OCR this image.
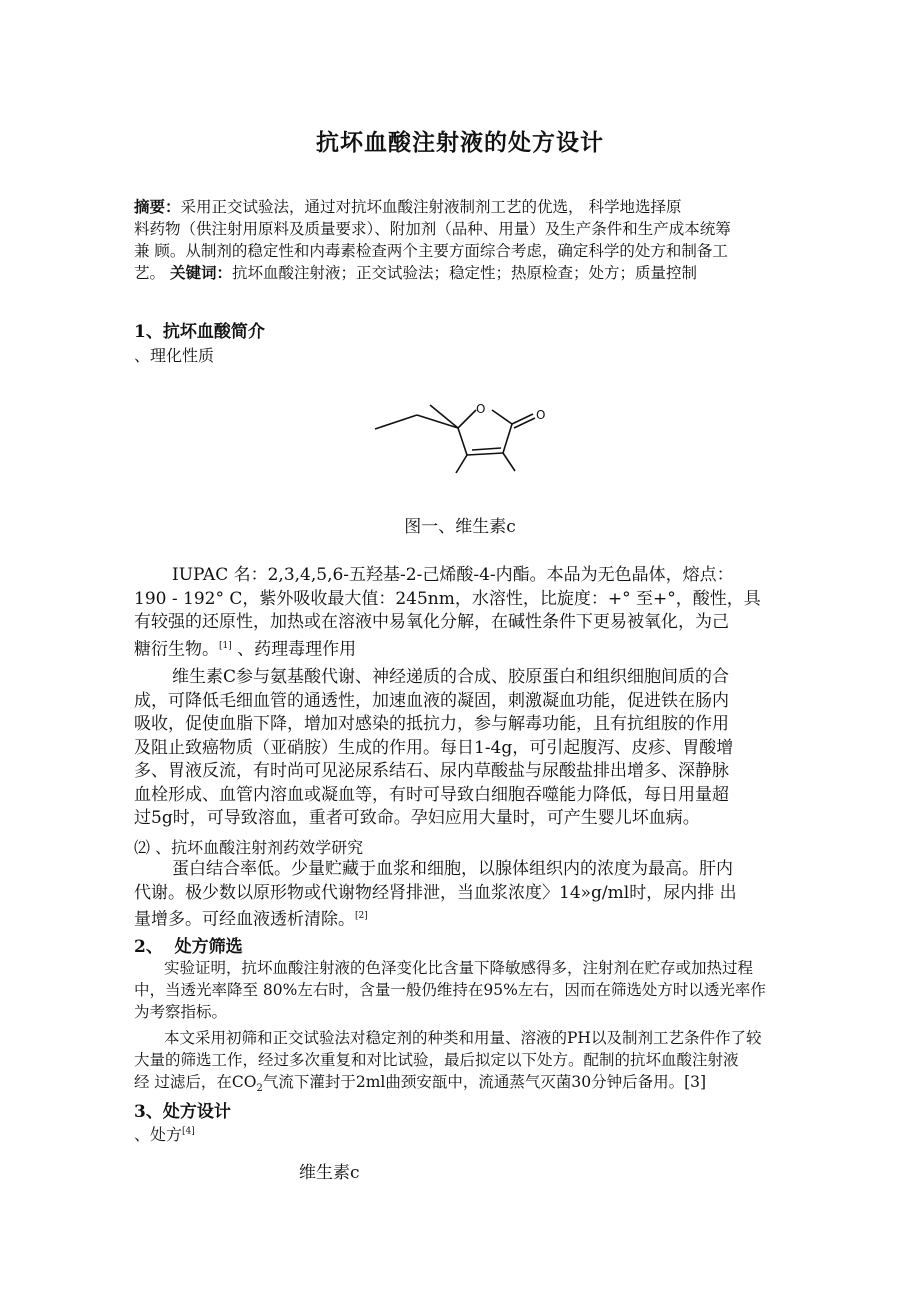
抗坏血酸注射液的处方设计
摘要：采用正交试验法，通过对抗坏血酸注射液制剂工艺的优选， 科学地选择原
料药物（供注射用原料及质量要求）、附加剂（品种、用量）及生产条件和生产成本统筹
兼 顾。从制剂的稳定性和内毒素检查两个主要方面综合考虑，确定科学的处方和制备工
艺。 关键词：抗坏血酸注射液；正交试验法；稳定性；热原检查；处方；质量控制
1、抗坏血酸简介
、理化性质
O	O
图一、维生素c
IUPAC 名：2,3,4,5,6-五羟基-2-己烯酸-4-内酯。本品为无色晶体，熔点：
190 - 192° C，紫外吸收最大值：245nm，水溶性，比旋度：+° 至+°，酸性，具
有较强的还原性，加热或在溶液中易氧化分解，在碱性条件下更易被氧化，为己
糖衍生物。[1] 、药理毒理作用
维生素C参与氨基酸代谢、神经递质的合成、胶原蛋白和组织细胞间质的合
成，可降低毛细血管的通透性，加速血液的凝固，刺激凝血功能，促进铁在肠内
吸收，促使血脂下降，增加对感染的抵抗力，参与解毒功能，且有抗组胺的作用
及阻止致癌物质（亚硝胺）生成的作用。每日1-4g，可引起腹泻、皮疹、胃酸增
多、胃液反流，有时尚可见泌尿系结石、尿内草酸盐与尿酸盐排出增多、深静脉
血栓形成、血管内溶血或凝血等，有时可导致白细胞吞噬能力降低，每日用量超
过5g时，可导致溶血，重者可致命。孕妇应用大量时，可产生婴儿坏血病。
⑵ 、抗坏血酸注射剂药效学研究
蛋白结合率低。少量贮藏于血浆和细胞，以腺体组织内的浓度为最高。肝内
代谢。极少数以原形物或代谢物经肾排泄，当血浆浓度〉14»g/ml时，尿内排 出
量增多。可经血液透析清除。[2]
2、  处方筛选
实验证明，抗坏血酸注射液的色泽变化比含量下降敏感得多，注射剂在贮存或加热过程
中，当透光率降至 80%左右时，含量一般仍维持在95%左右，因而在筛选处方时以透光率作
为考察指标。
本文采用初筛和正交试验法对稳定剂的种类和用量、溶液的PH以及制剂工艺条件作了较
大量的筛选工作，经过多次重复和对比试验，最后拟定以下处方。配制的抗坏血酸注射液
经 过滤后，在$CO_2$气流下灌封于2ml曲颈安瓿中，流通蒸气灭菌30分钟后备用。[3]
3、处方设计
、处方[4]
维生素c
